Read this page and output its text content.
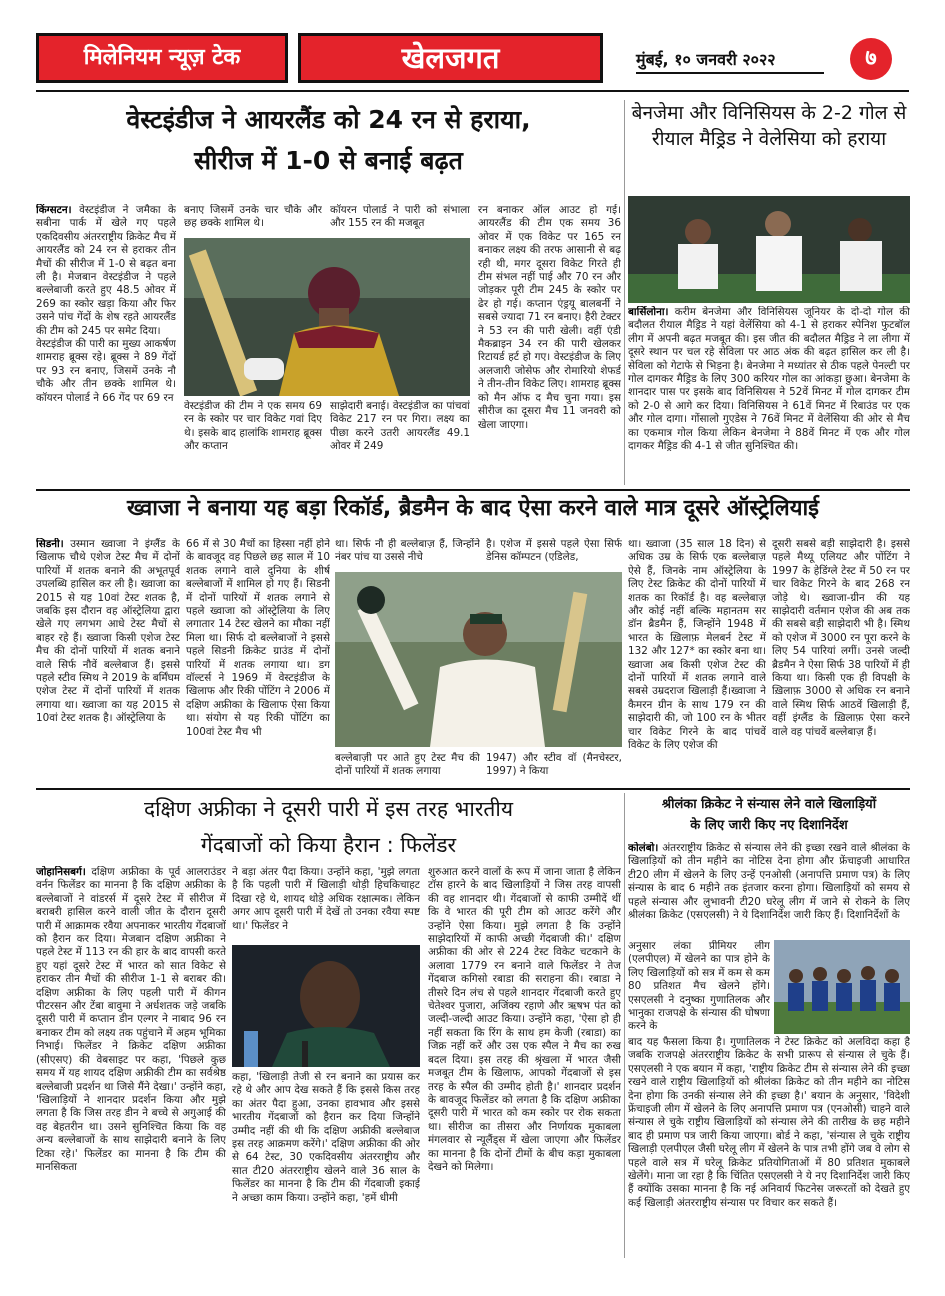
मिलेनियम न्यूज़ टेक	खेलजगत	मुंबई, १० जनवरी २०२२	७
वेस्टइंडीज ने आयरलैंड को 24 रन से हराया,
सीरीज में 1-0 से बनाई बढ़त
किंग्सटन। वेस्टइंडीज ने जमैका के सबीना पार्क में खेले गए पहले एकदिवसीय अंतरराष्ट्रीय क्रिकेट मैच में आयरलैंड को 24 रन से हराकर तीन मैचों की सीरीज में 1-0 से बढ़त बना ली है। मेजबान वेस्टइंडीज ने पहले बल्लेबाजी करते हुए 48.5 ओवर में 269 का स्कोर खड़ा किया और फिर उसने पांच गेंदों के शेष रहते आयरलैंड की टीम को 245 पर समेट दिया।
वेस्टइंडीज की पारी का मुख्य आकर्षण शामराह ब्रूक्स रहे। ब्रूक्स ने 89 गेंदों पर 93 रन बनाए, जिसमें उनके नौ चौके और तीन छक्के शामिल थे। कॉयरन पोलार्ड ने 66 गेंद पर 69 रन
बनाए जिसमें उनके चार चौके और छह छक्के शामिल थे।
कॉयरन पोलार्ड ने पारी को संभाला और 155 रन की मजबूत
वेस्टइंडीज की टीम ने एक समय 69 रन के स्कोर पर चार विकेट गवां दिए थे। इसके बाद हालांकि शामराह ब्रूक्स और कप्तान
साझेदारी बनाई। वेस्टइंडीज का पांचवां विकेट 217 रन पर गिरा। लक्ष्य का पीछा करने उतरी आयरलैंड 49.1 ओवर में 249
रन बनाकर ऑल आउट हो गई। आयरलैंड की टीम एक समय 36 ओवर में एक विकेट पर 165 रन बनाकर लक्ष्य की तरफ आसानी से बढ़ रही थी, मगर दूसरा विकेट गिरते ही टीम संभल नहीं पाई और 70 रन और जोड़कर पूरी टीम 245 के स्कोर पर ढेर हो गई। कप्तान एंड्रयू बालबर्नी ने सबसे ज्यादा 71 रन बनाए। हैरी टेक्टर ने 53 रन की पारी खेली। वहीं एंडी मैकब्राइन 34 रन की पारी खेलकर रिटायर्ड हर्ट हो गए। वेस्टइंडीज के लिए अलजारी जोसेफ और रोमारियो शेफर्ड ने तीन-तीन विकेट लिए। शामराह ब्रूक्स को मैन ऑफ द मैच चुना गया। इस सीरीज का दूसरा मैच 11 जनवरी को खेला जाएगा।
बेनजेमा और विनिसियस के 2-2 गोल से रीयाल मैड्रिड ने वेलेसिया को हराया
बार्सिलोना। करीम बेनजेमा और विनिसियस जूनियर के दो-दो गोल की बदौलत रीयाल मैड्रिड ने यहां वेलेंसिया को 4-1 से हराकर स्पेनिश फुटबॉल लीग में अपनी बढ़त मजबूत की। इस जीत की बदौलत मैड्रिड ने ला लीगा में दूसरे स्थान पर चल रहे सेविला पर आठ अंक की बढ़त हासिल कर ली है। सेविला को गेटाफे से भिड़ना है। बेनजेमा ने मध्यांतर से ठीक पहले पेनल्टी पर गोल दागकर मैड्रिड के लिए 300 करियर गोल का आंकड़ा छुआ। बेनजेमा के शानदार पास पर इसके बाद विनिसियस ने 52वें मिनट में गोल दागकर टीम को 2-0 से आगे कर दिया। विनिसियस ने 61वें मिनट में रिबाउंड पर एक और गोल दागा। गोंसालो गुएडेस ने 76वें मिनट में वेलेंसिया की ओर से मैच का एकमात्र गोल किया लेकिन बेनजेमा ने 88वें मिनट में एक और गोल दागकर मैड्रिड की 4-1 से जीत सुनिश्चित की।
ख्वाजा ने बनाया यह बड़ा रिकॉर्ड, ब्रैडमैन के बाद ऐसा करने वाले मात्र दूसरे ऑस्ट्रेलियाई
सिडनी। उस्मान ख्वाजा ने इंग्लैंड के खिलाफ चौथे एशेज टेस्ट मैच में दोनों पारियों में शतक बनाने की अभूतपूर्व उपलब्धि हासिल कर ली है। ख्वाजा का 2015 से यह 10वां टेस्ट शतक है, जबकि इस दौरान वह ऑस्ट्रेलिया द्वारा खेले गए लगभग आधे टेस्ट मैचों से बाहर रहे हैं। ख्वाजा किसी एशेज टेस्ट मैच की दोनों पारियों में शतक बनाने वाले सिर्फ नौवें बल्लेबाज हैं। इससे पहले स्टीव स्मिथ ने 2019 के बर्मिंघम एशेज टेस्ट में दोनों पारियों में शतक लगाया था। ख्वाजा का यह 2015 से 10वां टेस्ट शतक है। ऑस्ट्रेलिया के
66 में से 30 मैचों का हिस्सा नहीं होने के बावजूद वह पिछले छह साल में 10 शतक लगाने वाले दुनिया के शीर्ष बल्लेबाजों में शामिल हो गए हैं। सिडनी में दोनों पारियों में शतक लगाने से पहले ख्वाजा को ऑस्ट्रेलिया के लिए लगातार 14 टेस्ट खेलने का मौका नहीं मिला था। सिर्फ दो बल्लेबाजों ने इससे पहले सिडनी क्रिकेट ग्राउंड में दोनों पारियों में शतक लगाया था। डग वॉल्टर्स ने 1969 में वेस्टइंडीज के खिलाफ और रिकी पोंटिंग ने 2006 में दक्षिण अफ्रीका के खिलाफ ऐसा किया था। संयोग से यह रिकी पोंटिंग का 100वां टेस्ट मैच भी
था। सिर्फ नौ ही बल्लेबाज़ हैं, जिन्होंने नंबर पांच या उससे नीचे
है। एशेज में इससे पहले ऐसा सिर्फ डेनिस कॉम्पटन (एडिलेड,
बल्लेबाज़ी पर आते हुए टेस्ट मैच की दोनों पारियों में शतक लगाया
1947) और स्टीव वॉ (मैनचेस्टर, 1997) ने किया
था। ख्वाजा (35 साल 18 दिन) से अधिक उम्र के सिर्फ एक बल्लेबाज़ ऐसे हैं, जिनके नाम ऑस्ट्रेलिया के लिए टेस्ट क्रिकेट की दोनों पारियों में शतक का रिकॉर्ड है। वह बल्लेबाज़ और कोई नहीं बल्कि महानतम सर डॉन ब्रैडमैन हैं, जिन्होंने 1948 में भारत के ख़िलाफ़ मेलबर्न टेस्ट में 132 और 127* का स्कोर बना था। ख्वाजा अब किसी एशेज टेस्ट की दोनों पारियों में शतक लगाने वाले सबसे उम्रदराज खिलाड़ी हैं।ख्वाजा ने कैमरन ग्रीन के साथ 179 रन की साझेदारी की, जो 100 रन के भीतर चार विकेट गिरने के बाद पांचवें विकेट के लिए एशेज की
दूसरी सबसे बड़ी साझेदारी है। इससे पहले मैथ्यू एलियट और पोंटिंग ने 1997 के हेडिंग्ले टेस्ट में 50 रन पर चार विकेट गिरने के बाद 268 रन जोड़े थे। ख्वाजा-ग्रीन की यह साझेदारी वर्तमान एशेज की अब तक की सबसे बड़ी साझेदारी भी है। स्मिथ को एशेज में 3000 रन पूरा करने के लिए 54 पारियां लगीं। उनसे जल्दी ब्रैडमैन ने ऐसा सिर्फ 38 पारियों में ही किया था। किसी एक ही विपक्षी के ख़िलाफ़ 3000 से अधिक रन बनाने वाले स्मिथ सिर्फ आठवें खिलाड़ी हैं, वहीं इंग्लैंड के ख़िलाफ़ ऐसा करने वाले वह पांचवें बल्लेबाज़ हैं।
दक्षिण अफ्रीका ने दूसरी पारी में इस तरह भारतीय
गेंदबाजों को किया हैरान : फिलेंडर
जोहानिसबर्ग। दक्षिण अफ्रीका के पूर्व आलराउंडर वर्नन फिलेंडर का मानना है कि दक्षिण अफ्रीका के बल्लेबाजों ने वांडरर्स में दूसरे टेस्ट में सीरीज में बराबरी हासिल करने वाली जीत के दौरान दूसरी पारी में आक्रामक रवैया अपनाकर भारतीय गेंदबाजों को हैरान कर दिया। मेजबान दक्षिण अफ्रीका ने पहले टेस्ट में 113 रन की हार के बाद वापसी करते हुए यहां दूसरे टेस्ट में भारत को सात विकेट से हराकर तीन मैचों की सीरीज 1-1 से बराबर की। दक्षिण अफ्रीका के लिए पहली पारी में कीगन पीटरसन और टेंबा बावुमा ने अर्धशतक जड़े जबकि दूसरी पारी में कप्तान डीन एल्गर ने नाबाद 96 रन बनाकर टीम को लक्ष्य तक पहुंचाने में अहम भूमिका निभाई। फिलेंडर ने क्रिकेट दक्षिण अफ्रीका (सीएसए) की वेबसाइट पर कहा, 'पिछले कुछ समय में यह शायद दक्षिण अफ्रीकी टीम का सर्वश्रेष्ठ बल्लेबाजी प्रदर्शन था जिसे मैंने देखा।' उन्होंने कहा, 'खिलाड़ियों ने शानदार प्रदर्शन किया और मुझे लगता है कि जिस तरह डीन ने बच्चे से अगुआई की वह बेहतरीन था। उसने सुनिश्चित किया कि वह अन्य बल्लेबाजों के साथ साझेदारी बनाने के लिए टिका रहे।' फिलेंडर का मानना है कि टीम की मानसिकता
ने बड़ा अंतर पैदा किया। उन्होंने कहा, 'मुझे लगता है कि पहली पारी में खिलाड़ी थोड़ी हिचकिचाहट दिखा रहे थे, शायद थोड़े अधिक रक्षात्मक। लेकिन अगर आप दूसरी पारी में देखें तो उनका रवैया स्पष्ट था।' फिलेंडर ने
कहा, 'खिलाड़ी तेजी से रन बनाने का प्रयास कर रहे थे और आप देख सकते हैं कि इससे किस तरह का अंतर पैदा हुआ, उनका हावभाव और इससे भारतीय गेंदबाजों को हैरान कर दिया जिन्होंने उम्मीद नहीं की थी कि दक्षिण अफ्रीकी बल्लेबाज इस तरह आक्रमण करेंगे।' दक्षिण अफ्रीका की ओर से 64 टेस्ट, 30 एकदिवसीय अंतरराष्ट्रीय और सात टी20 अंतरराष्ट्रीय खेलने वाले 36 साल के फिलेंडर का मानना है कि टीम की गेंदबाजी इकाई ने अच्छा काम किया। उन्होंने कहा, 'हमें धीमी
शुरुआत करने वालों के रूप में जाना जाता है लेकिन टॉस हारने के बाद खिलाड़ियों ने जिस तरह वापसी की वह शानदार थी। गेंदबाजों से काफी उम्मीदें थीं कि वे भारत की पूरी टीम को आउट करेंगे और उन्होंने ऐसा किया। मुझे लगता है कि उन्होंने साझेदारियों में काफी अच्छी गेंदबाजी की।' दक्षिण अफ्रीका की ओर से 224 टेस्ट विकेट चटकाने के अलावा 1779 रन बनाने वाले फिलेंडर ने तेज गेंदबाज कगिसो रबाडा की सराहना की। रबाडा ने तीसरे दिन लंच से पहले शानदार गेंदबाजी करते हुए चेतेश्वर पुजारा, अजिंक्य रहाणे और ऋषभ पंत को जल्दी-जल्दी आउट किया। उन्होंने कहा, 'ऐसा हो ही नहीं सकता कि रिंग के साथ हम केजी (रबाडा) का जिक्र नहीं करें और उस एक स्पैल ने मैच का रुख बदल दिया। इस तरह की श्रृंखला में भारत जैसी मजबूत टीम के खिलाफ, आपको गेंदबाजों से इस तरह के स्पैल की उम्मीद होती है।' शानदार प्रदर्शन के बावजूद फिलेंडर को लगता है कि दक्षिण अफ्रीका दूसरी पारी में भारत को कम स्कोर पर रोक सकता था। सीरीज का तीसरा और निर्णायक मुकाबला मंगलवार से न्यूलैंड्स में खेला जाएगा और फिलेंडर का मानना है कि दोनों टीमों के बीच कड़ा मुकाबला देखने को मिलेगा।
श्रीलंका क्रिकेट ने संन्यास लेने वाले खिलाड़ियों
के लिए जारी किए नए दिशानिर्देश
कोलंबो। अंतरराष्ट्रीय क्रिकेट से संन्यास लेने की इच्छा रखने वाले श्रीलंका के खिलाड़ियों को तीन महीने का नोटिस देना होगा और फ्रेंचाइजी आधारित टी20 लीग में खेलने के लिए उन्हें एनओसी (अनापत्ति प्रमाण पत्र) के लिए संन्यास के बाद 6 महीने तक इंतजार करना होगा। खिलाड़ियों को समय से पहले संन्यास और लुभावनी टी20 घरेलू लीग में जाने से रोकने के लिए श्रीलंका क्रिकेट (एसएलसी) ने ये दिशानिर्देश जारी किए हैं। दिशानिर्देशों के
अनुसार लंका प्रीमियर लीग (एलपीएल) में खेलने का पात्र होने के लिए खिलाड़ियों को सत्र में कम से कम 80 प्रतिशत मैच खेलने होंगे। एसएलसी ने दनुष्का गुणातिलक और भानुका राजपक्षे के संन्यास की घोषणा करने के
बाद यह फैसला किया है। गुणातिलक ने टेस्ट क्रिकेट को अलविदा कहा है जबकि राजपक्षे अंतरराष्ट्रीय क्रिकेट के सभी प्रारूप से संन्यास ले चुके हैं। एसएलसी ने एक बयान में कहा, 'राष्ट्रीय क्रिकेट टीम से संन्यास लेने की इच्छा रखने वाले राष्ट्रीय खिलाड़ियों को श्रीलंका क्रिकेट को तीन महीने का नोटिस देना होगा कि उनकी संन्यास लेने की इच्छा है।' बयान के अनुसार, 'विदेशी फ्रेंचाइजी लीग में खेलने के लिए अनापत्ति प्रमाण पत्र (एनओसी) चाहने वाले संन्यास ले चुके राष्ट्रीय खिलाड़ियों को संन्यास लेने की तारीख के छह महीने बाद ही प्रमाण पत्र जारी किया जाएगा। बोर्ड ने कहा, 'संन्यास ले चुके राष्ट्रीय खिलाड़ी एलपीएल जैसी घरेलू लीग में खेलने के पात्र तभी होंगे जब वे लोग से पहले वाले सत्र में घरेलू क्रिकेट प्रतियोगिताओं में 80 प्रतिशत मुकाबले खेलेंगे। माना जा रहा है कि चिंतित एसएलसी ने ये नए दिशानिर्देश जारी किए हैं क्योंकि उसका मानना है कि नई अनिवार्य फिटनेस जरूरतों को देखते हुए कई खिलाड़ी अंतरराष्ट्रीय संन्यास पर विचार कर सकते हैं।
